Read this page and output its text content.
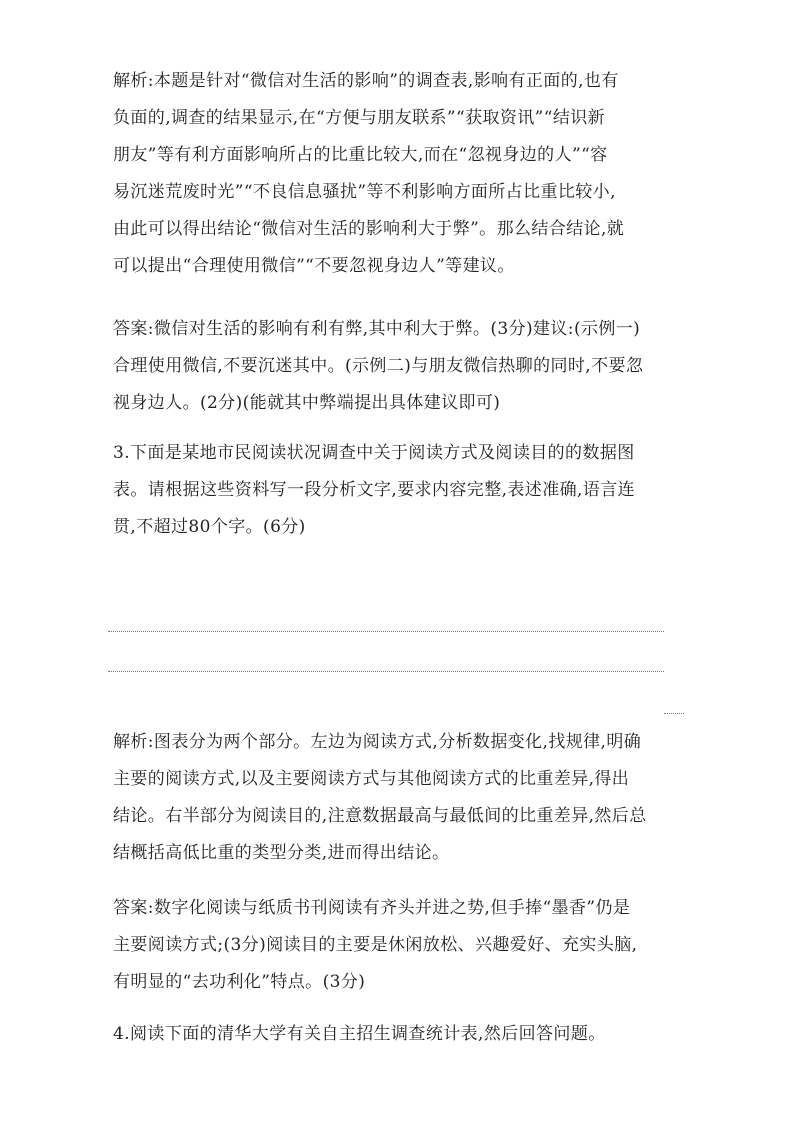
解析:本题是针对“微信对生活的影响”的调查表,影响有正面的,也有
负面的,调查的结果显示,在“方便与朋友联系”“获取资讯”“结识新
朋友”等有利方面影响所占的比重比较大,而在“忽视身边的人”“容
易沉迷荒废时光”“不良信息骚扰”等不利影响方面所占比重比较小,
由此可以得出结论“微信对生活的影响利大于弊”。那么结合结论,就
可以提出“合理使用微信”“不要忽视身边人”等建议。
答案:微信对生活的影响有利有弊,其中利大于弊。(3分)建议:(示例一)
合理使用微信,不要沉迷其中。(示例二)与朋友微信热聊的同时,不要忽
视身边人。(2分)(能就其中弊端提出具体建议即可)
3.下面是某地市民阅读状况调查中关于阅读方式及阅读目的的数据图
表。请根据这些资料写一段分析文字,要求内容完整,表述准确,语言连
贯,不超过80个字。(6分)
解析:图表分为两个部分。左边为阅读方式,分析数据变化,找规律,明确
主要的阅读方式,以及主要阅读方式与其他阅读方式的比重差异,得出
结论。右半部分为阅读目的,注意数据最高与最低间的比重差异,然后总
结概括高低比重的类型分类,进而得出结论。
答案:数字化阅读与纸质书刊阅读有齐头并进之势,但手捧“墨香”仍是
主要阅读方式;(3分)阅读目的主要是休闲放松、兴趣爱好、充实头脑,
有明显的“去功利化”特点。(3分)
4.阅读下面的清华大学有关自主招生调查统计表,然后回答问题。
